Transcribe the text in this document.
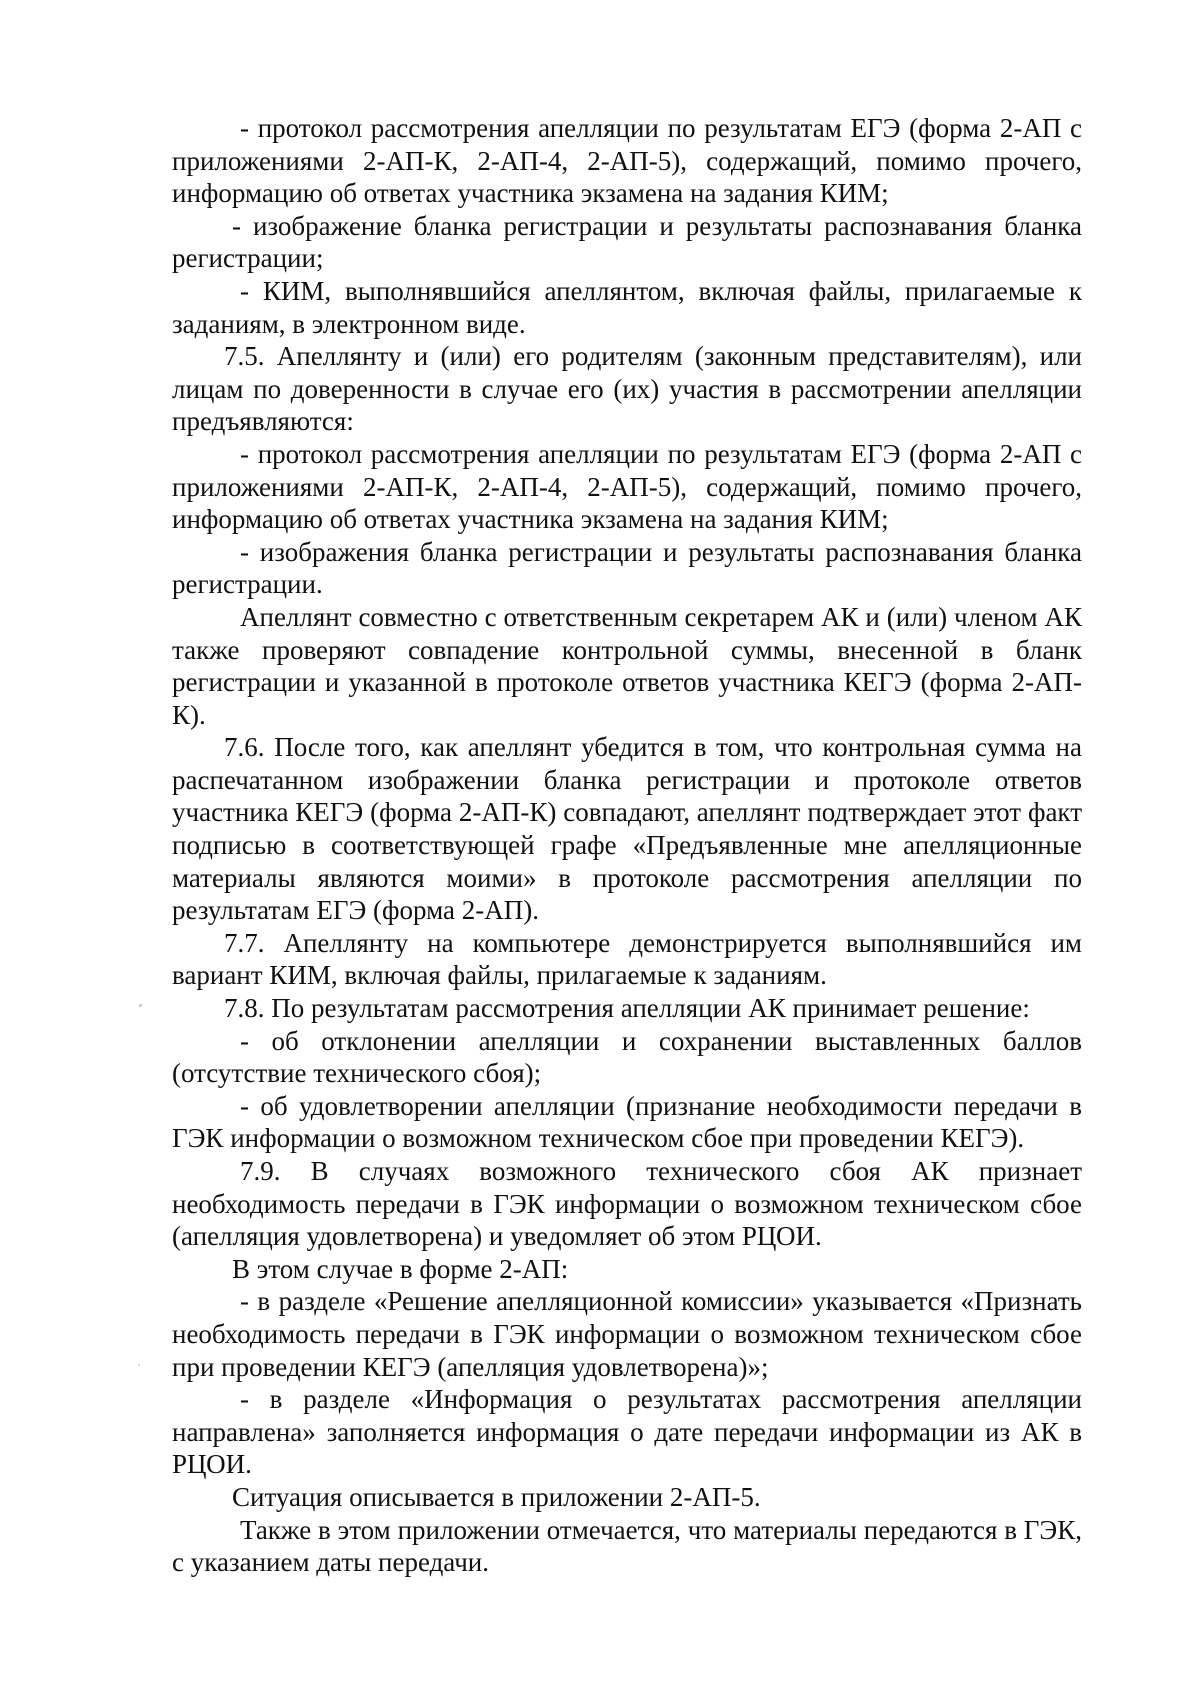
- протокол рассмотрения апелляции по результатам ЕГЭ (форма 2-АП с приложениями 2-АП-К, 2-АП-4, 2-АП-5), содержащий, помимо прочего, информацию об ответах участника экзамена на задания КИМ;

- изображение бланка регистрации и результаты распознавания бланка регистрации;

- КИМ, выполнявшийся апеллянтом, включая файлы, прилагаемые к заданиям, в электронном виде.

7.5. Апеллянту и (или) его родителям (законным представителям), или лицам по доверенности в случае его (их) участия в рассмотрении апелляции предъявляются:

- протокол рассмотрения апелляции по результатам ЕГЭ (форма 2-АП с приложениями 2-АП-К, 2-АП-4, 2-АП-5), содержащий, помимо прочего, информацию об ответах участника экзамена на задания КИМ;

- изображения бланка регистрации и результаты распознавания бланка регистрации.

Апеллянт совместно с ответственным секретарем АК и (или) членом АК также проверяют совпадение контрольной суммы, внесенной в бланк регистрации и указанной в протоколе ответов участника КЕГЭ (форма 2-АП-К).

7.6. После того, как апеллянт убедится в том, что контрольная сумма на распечатанном изображении бланка регистрации и протоколе ответов участника КЕГЭ (форма 2-АП-К) совпадают, апеллянт подтверждает этот факт подписью в соответствующей графе «Предъявленные мне апелляционные материалы являются моими» в протоколе рассмотрения апелляции по результатам ЕГЭ (форма 2-АП).

7.7. Апеллянту на компьютере демонстрируется выполнявшийся им вариант КИМ, включая файлы, прилагаемые к заданиям.

7.8. По результатам рассмотрения апелляции АК принимает решение:

- об отклонении апелляции и сохранении выставленных баллов (отсутствие технического сбоя);

- об удовлетворении апелляции (признание необходимости передачи в ГЭК информации о возможном техническом сбое при проведении КЕГЭ).

7.9. В случаях возможного технического сбоя АК признает необходимость передачи в ГЭК информации о возможном техническом сбое (апелляция удовлетворена) и уведомляет об этом РЦОИ.

В этом случае в форме 2-АП:

- в разделе «Решение апелляционной комиссии» указывается «Признать необходимость передачи в ГЭК информации о возможном техническом сбое при проведении КЕГЭ (апелляция удовлетворена)»;

- в разделе «Информация о результатах рассмотрения апелляции направлена» заполняется информация о дате передачи информации из АК в РЦОИ.

Ситуация описывается в приложении 2-АП-5.

Также в этом приложении отмечается, что материалы передаются в ГЭК, с указанием даты передачи.
